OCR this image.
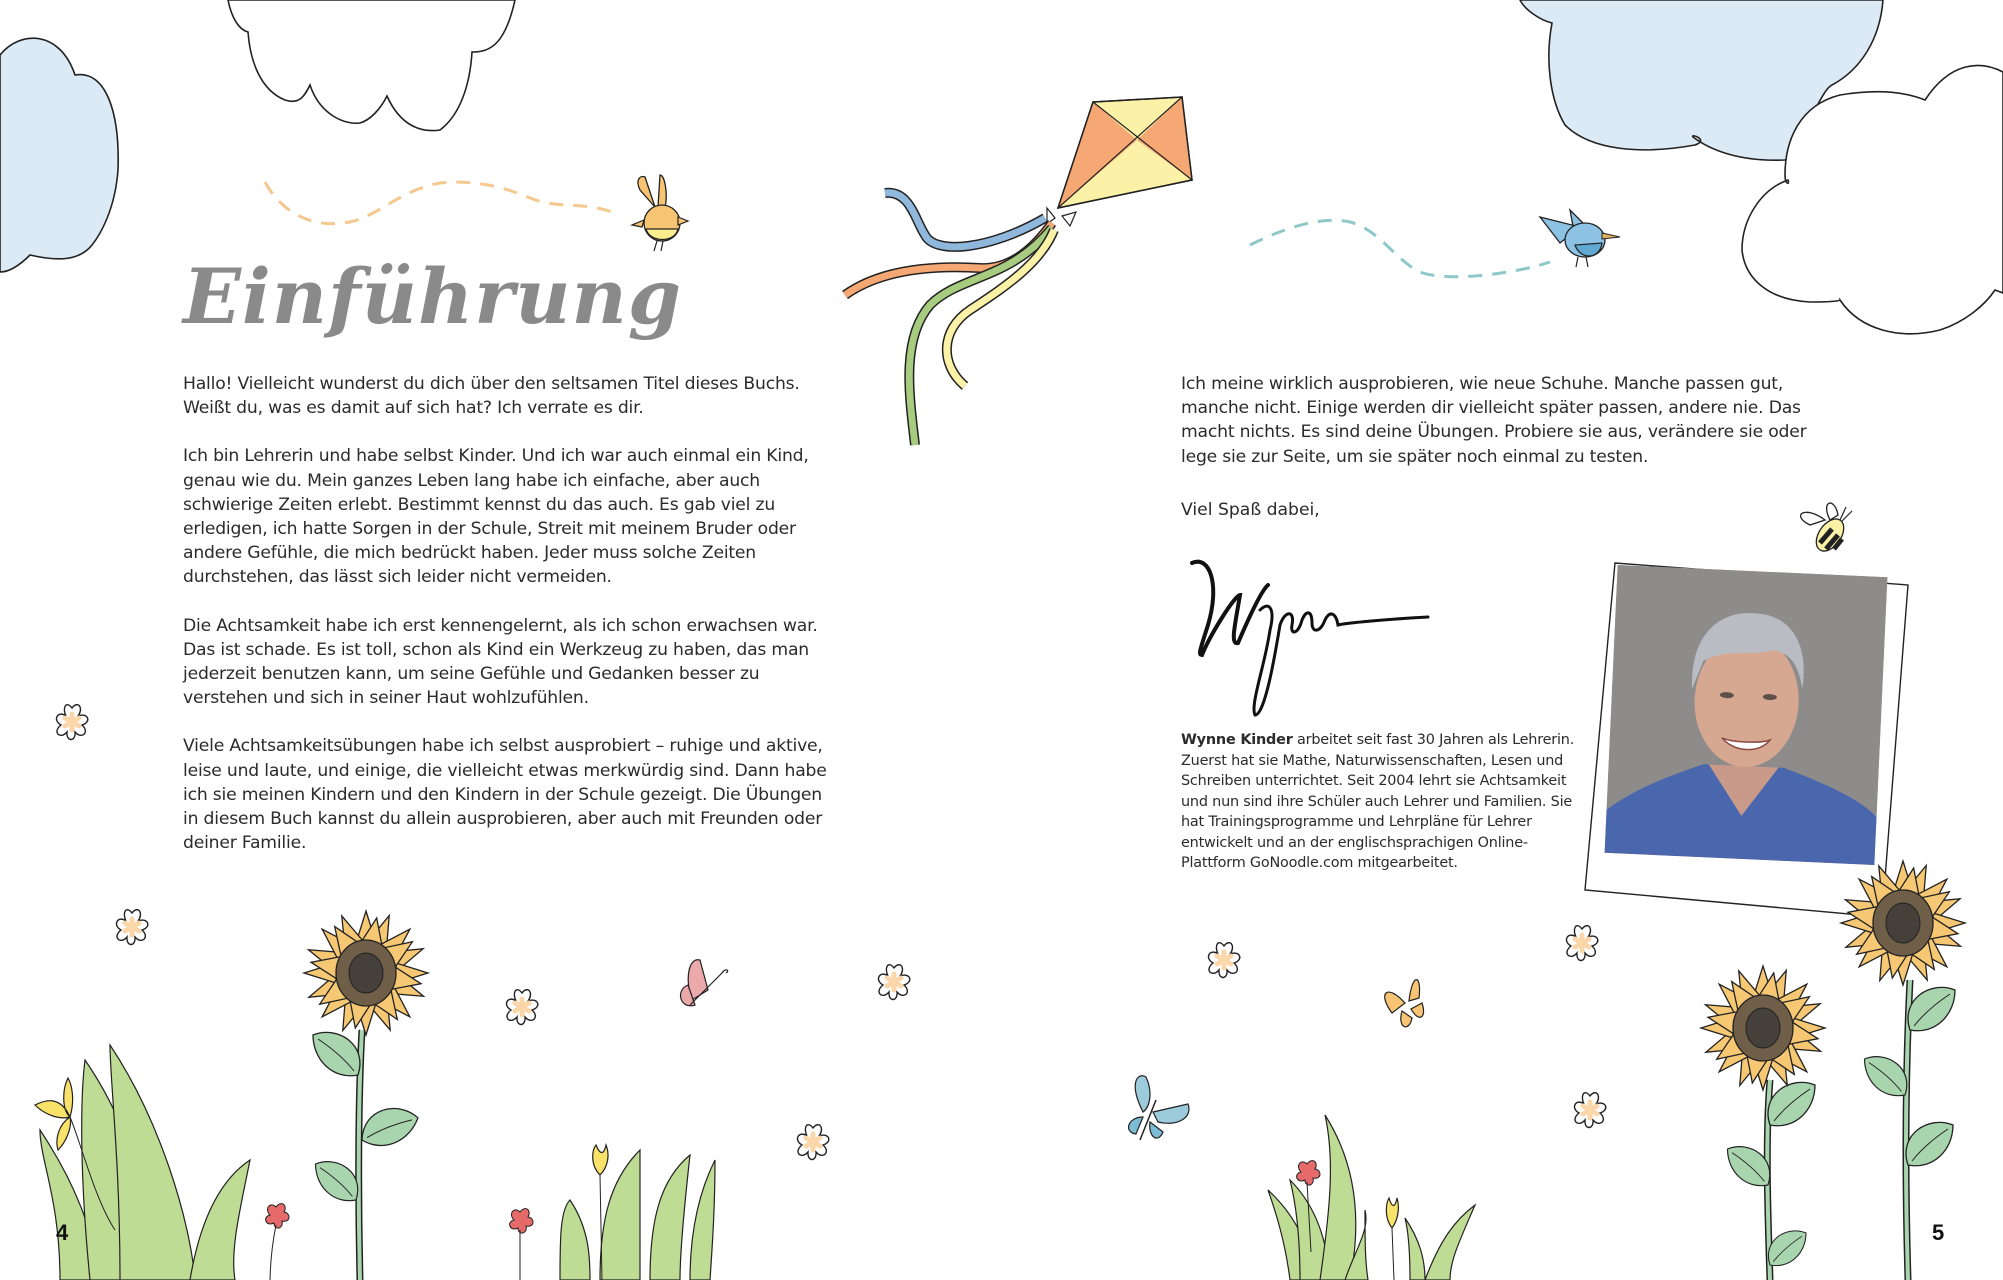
Einführung

Hallo! Vielleicht wunderst du dich über den seltsamen Titel dieses Buchs. Weißt du, was es damit auf sich hat? Ich verrate es dir.

Ich bin Lehrerin und habe selbst Kinder. Und ich war auch einmal ein Kind, genau wie du. Mein ganzes Leben lang habe ich einfache, aber auch schwierige Zeiten erlebt. Bestimmt kennst du das auch. Es gab viel zu erledigen, ich hatte Sorgen in der Schule, Streit mit meinem Bruder oder andere Gefühle, die mich bedrückt haben. Jeder muss solche Zeiten durchstehen, das lässt sich leider nicht vermeiden.

Die Achtsamkeit habe ich erst kennengelernt, als ich schon erwachsen war. Das ist schade. Es ist toll, schon als Kind ein Werkzeug zu haben, das man jederzeit benutzen kann, um seine Gefühle und Gedanken besser zu verstehen und sich in seiner Haut wohlzufühlen.

Viele Achtsamkeitsübungen habe ich selbst ausprobiert – ruhige und aktive, leise und laute, und einige, die vielleicht etwas merkwürdig sind. Dann habe ich sie meinen Kindern und den Kindern in der Schule gezeigt. Die Übungen in diesem Buch kannst du allein ausprobieren, aber auch mit Freunden oder deiner Familie.

Ich meine wirklich ausprobieren, wie neue Schuhe. Manche passen gut, manche nicht. Einige werden dir vielleicht später passen, andere nie. Das macht nichts. Es sind deine Übungen. Probiere sie aus, verändere sie oder lege sie zur Seite, um sie später noch einmal zu testen.

Viel Spaß dabei,
Wynne Kinder arbeitet seit fast 30 Jahren als Lehrerin. Zuerst hat sie Mathe, Naturwissenschaften, Lesen und Schreiben unterrichtet. Seit 2004 lehrt sie Achtsamkeit und nun sind ihre Schüler auch Lehrer und Familien. Sie hat Trainingsprogramme und Lehrpläne für Lehrer entwickelt und an der englischsprachigen Online-Plattform GoNoodle.com mitgearbeitet.
4	5
